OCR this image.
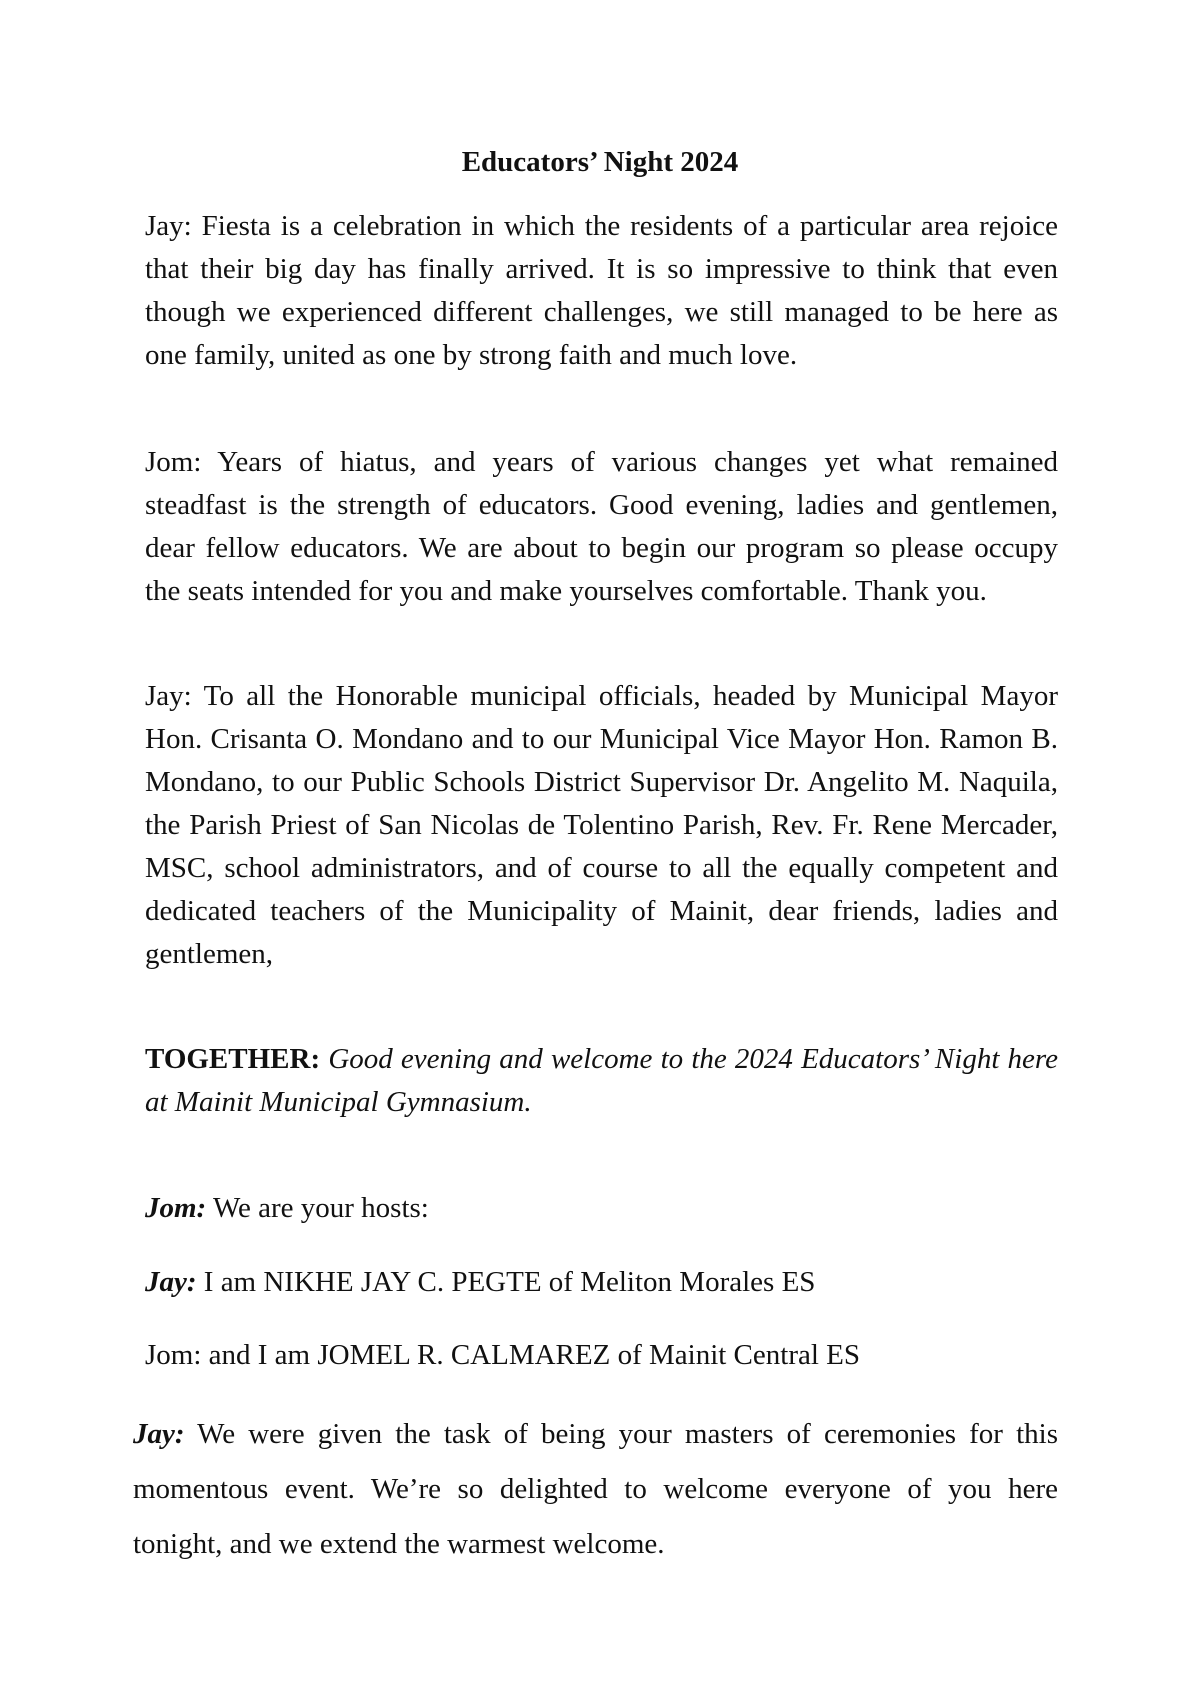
Educators’ Night 2024

Jay: Fiesta is a celebration in which the residents of a particular area rejoice that their big day has finally arrived. It is so impressive to think that even though we experienced different challenges, we still managed to be here as one family, united as one by strong faith and much love.

Jom: Years of hiatus, and years of various changes yet what remained steadfast is the strength of educators. Good evening, ladies and gentlemen, dear fellow educators. We are about to begin our program so please occupy the seats intended for you and make yourselves comfortable. Thank you.

Jay: To all the Honorable municipal officials, headed by Municipal Mayor Hon. Crisanta O. Mondano and to our Municipal Vice Mayor Hon. Ramon B. Mondano, to our Public Schools District Supervisor Dr. Angelito M. Naquila, the Parish Priest of San Nicolas de Tolentino Parish, Rev. Fr. Rene Mercader, MSC, school administrators, and of course to all the equally competent and dedicated teachers of the Municipality of Mainit, dear friends, ladies and gentlemen,

TOGETHER: Good evening and welcome to the 2024 Educators’ Night here at Mainit Municipal Gymnasium.

Jom: We are your hosts:
Jay: I am NIKHE JAY C. PEGTE of Meliton Morales ES
Jom: and I am JOMEL R. CALMAREZ of Mainit Central ES

Jay: We were given the task of being your masters of ceremonies for this momentous event. We’re so delighted to welcome everyone of you here tonight, and we extend the warmest welcome.
